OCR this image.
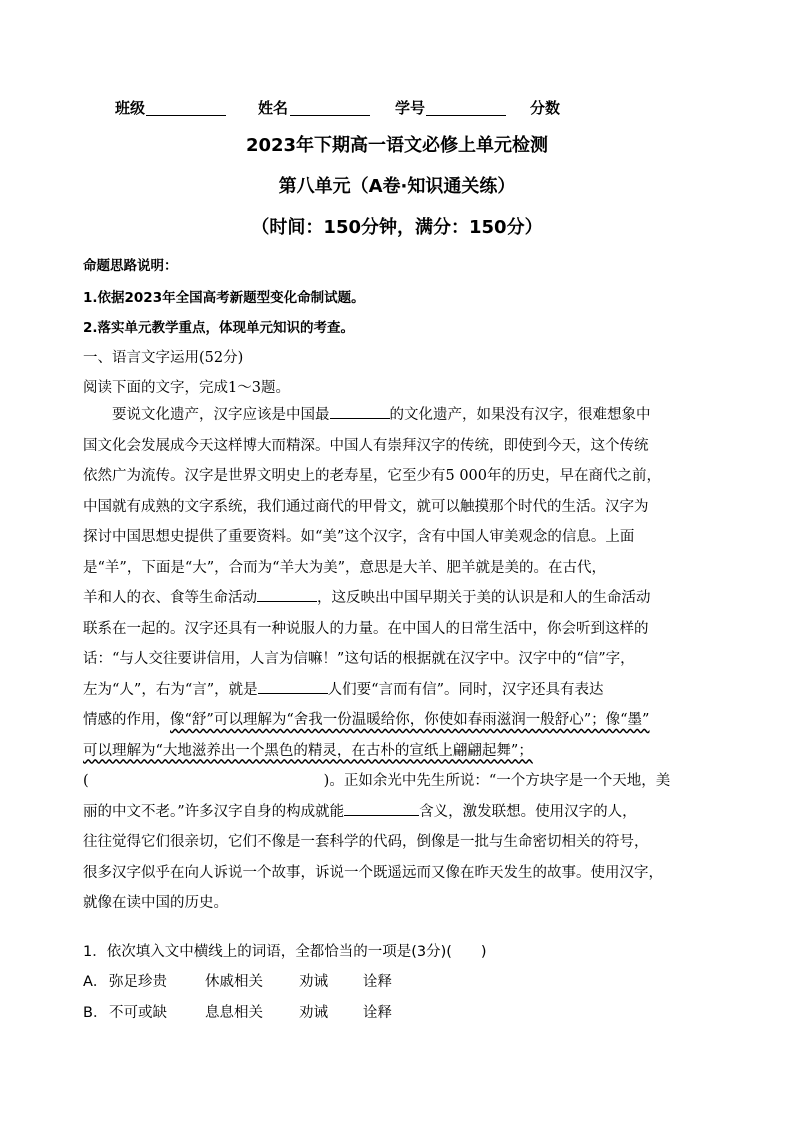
班级	姓名	学号	分数
2023年下期高一语文必修上单元检测
第八单元（A卷·知识通关练）
（时间：150分钟，满分：150分）
命题思路说明：
1.依据2023年全国高考新题型变化命制试题。
2.落实单元教学重点，体现单元知识的考查。
一、语言文字运用(52分)
阅读下面的文字，完成1～3题。
  要说文化遗产，汉字应该是中国最	的文化遗产，如果没有汉字，很难想象中
国文化会发展成今天这样博大而精深。中国人有崇拜汉字的传统，即使到今天，这个传统
依然广为流传。汉字是世界文明史上的老寿星，它至少有5 000年的历史，早在商代之前，
中国就有成熟的文字系统，我们通过商代的甲骨文，就可以触摸那个时代的生活。汉字为
探讨中国思想史提供了重要资料。如“美”这个汉字，含有中国人审美观念的信息。上面
是“羊”，下面是“大”，合而为“羊大为美”，意思是大羊、肥羊就是美的。在古代，
羊和人的衣、食等生命活动	，这反映出中国早期关于美的认识是和人的生命活动
联系在一起的。汉字还具有一种说服人的力量。在中国人的日常生活中，你会听到这样的
话：“与人交往要讲信用，人言为信嘛！”这句话的根据就在汉字中。汉字中的“信”字，
左为“人”，右为“言”，就是	人们要“言而有信”。同时，汉字还具有表达
情感的作用，像“舒”可以理解为“舍我一份温暖给你，你使如春雨滋润一般舒心”；像“墨”
可以理解为“大地滋养出一个黑色的精灵，在古朴的宣纸上翩翩起舞”；
(	)。正如余光中先生所说：“一个方块字是一个天地，美
丽的中文不老。”许多汉字自身的构成就能	含义，激发联想。使用汉字的人，
往往觉得它们很亲切，它们不像是一套科学的代码，倒像是一批与生命密切相关的符号，
很多汉字似乎在向人诉说一个故事，诉说一个既遥远而又像在昨天发生的故事。使用汉字，
就像在读中国的历史。
1．依次填入文中横线上的词语，全都恰当的一项是(3分)(　　)
A． 弥足珍贵	休戚相关 劝诫 诠释
B． 不可或缺	息息相关 劝诫 诠释
